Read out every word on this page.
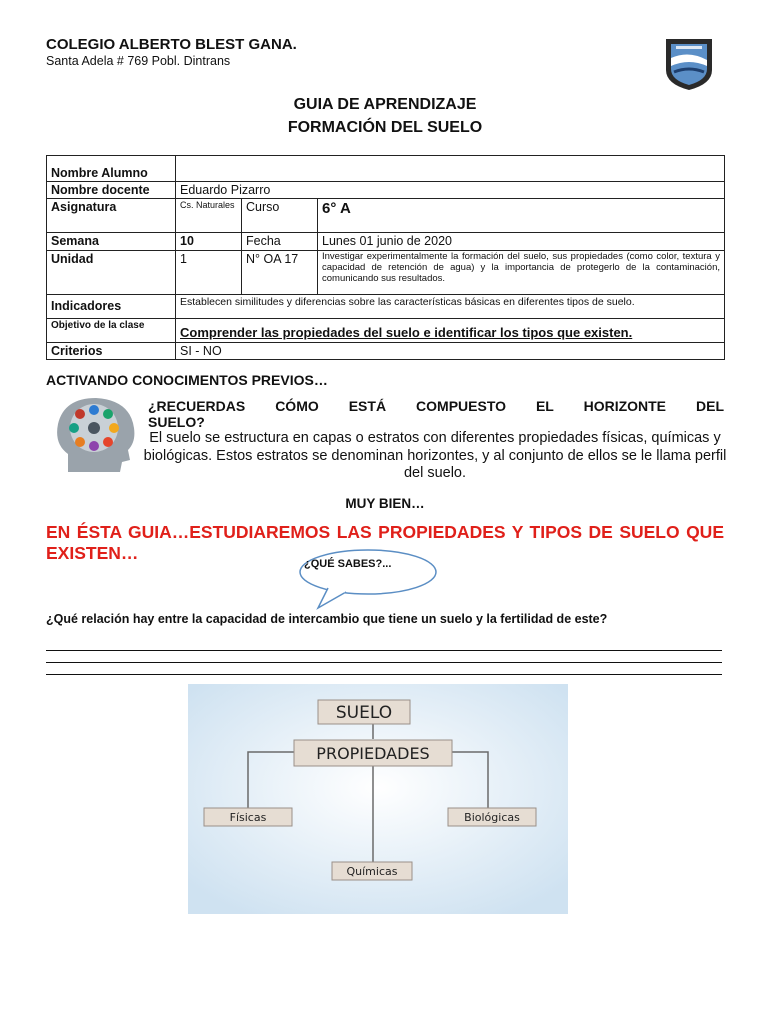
COLEGIO ALBERTO BLEST GANA.
Santa Adela # 769 Pobl. Dintrans
GUIA DE APRENDIZAJE
FORMACIÓN DEL SUELO
Nombre Alumno			
Nombre docente	Eduardo Pizarro		
Asignatura	Cs. Naturales	Curso	6° A
Semana	10	Fecha	Lunes 01 junio de 2020
Unidad	1	N° OA 17	Investigar experimentalmente la formación del suelo, sus propiedades (como color, textura y capacidad de retención de agua) y la importancia de protegerlo de la contaminación, comunicando sus resultados.
Indicadores	Establecen similitudes y diferencias sobre las características básicas en diferentes tipos de suelo.		
Objetivo de la clase	Comprender las propiedades del suelo e identificar los tipos que existen.		
Criterios	SI - NO		
ACTIVANDO CONOCIMENTOS PREVIOS…
¿RECUERDAS CÓMO ESTÁ COMPUESTO EL HORIZONTE DEL
SUELO?
El suelo se estructura en capas o estratos con diferentes propiedades físicas, químicas y biológicas. Estos estratos se denominan horizontes, y al conjunto de ellos se le llama perfil del suelo.
MUY BIEN…
EN ÉSTA GUIA…ESTUDIAREMOS LAS PROPIEDADES Y TIPOS DE SUELO QUE EXISTEN…
¿QUÉ SABES?...
¿Qué relación hay entre la capacidad de intercambio que tiene un suelo y la fertilidad de este?
SUELO
PROPIEDADES
Físicas	Biológicas
Químicas
